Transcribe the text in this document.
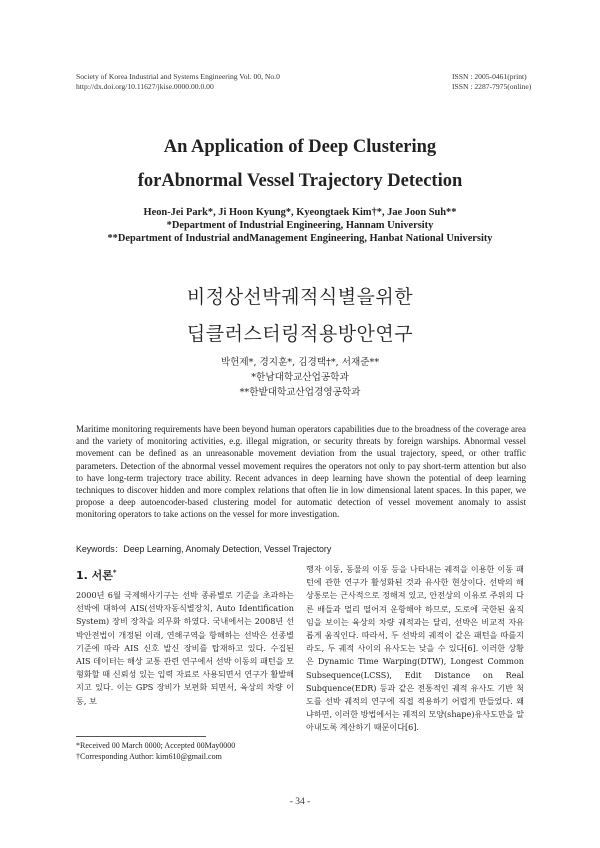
Society of Korea Industrial and Systems Engineering Vol. 00, No.0
http://dx.doi.org/10.11627/jkise.0000.00.0.00
ISSN : 2005-0461(print)
ISSN : 2287-7975(online)
An Application of Deep Clustering
forAbnormal Vessel Trajectory Detection
Heon-Jei Park*, Ji Hoon Kyung*, Kyeongtaek Kim†*, Jae Joon Suh**
*Department of Industrial Engineering, Hannam University
**Department of Industrial andManagement Engineering, Hanbat National University
비정상선박궤적식별을위한
딥클러스터링적용방안연구
박헌제*, 경지훈*, 김경택†*, 서재준**
*한남대학교산업공학과
**한밭대학교산업경영공학과
Maritime monitoring requirements have been beyond human operators capabilities due to the broadness of the coverage area and the variety of monitoring activities, e.g. illegal migration, or security threats by foreign warships. Abnormal vessel movement can be defined as an unreasonable movement deviation from the usual trajectory, speed, or other traffic parameters. Detection of the abnormal vessel movement requires the operators not only to pay short-term attention but also to have long-term trajectory trace ability. Recent advances in deep learning have shown the potential of deep learning techniques to discover hidden and more complex relations that often lie in low dimensional latent spaces. In this paper, we propose a deep autoencoder-based clustering model for automatic detection of vessel movement anomaly to assist monitoring operators to take actions on the vessel for more investigation.
Keywords：Deep Learning, Anomaly Detection, Vessel Trajectory
1. 서론*
2000년 6월 국제해사기구는 선박 종류별로 기준을 초과하는 선박에 대하여 AIS(선박자동식별장치, Auto Identification System) 장비 장착을 의무화 하였다. 국내에서는 2008년 선박안전법이 개정된 이래, 연해구역을 항해하는 선박은 선종별 기준에 따라 AIS 신호 발신 장비를 탑재하고 있다. 수집된 AIS 데이터는 해상 교통 관련 연구에서 선박 이동의 패턴을 모형화할 때 신뢰성 있는 입력 자료로 사용되면서 연구가 활발해 지고 있다. 이는 GPS 장비가 보편화 되면서, 육상의 차량 이동, 보
행자 이동, 동물의 이동 등을 나타내는 궤적을 이용한 이동 패턴에 관한 연구가 활성화된 것과 유사한 현상이다. 선박의 해상통로는 근사적으로 정해져 있고, 안전상의 이유로 주위의 다른 배들과 멀리 떨어져 운항해야 하므로, 도로에 국한된 움직임을 보이는 육상의 차량 궤적과는 달리, 선박은 비교적 자유롭게 움직인다. 따라서, 두 선박의 궤적이 같은 패턴을 따를지라도, 두 궤적 사이의 유사도는 낮을 수 있다[6]. 이러한 상황은 Dynamic Time Warping(DTW), Longest Common Subsequence(LCSS), Edit Distance on Real Subquence(EDR) 등과 같은 전통적인 궤적 유사도 기반 척도를 선박 궤적의 연구에 직접 적용하기 어렵게 만들었다. 왜냐하면, 이러한 방법에서는 궤적의 모양(shape)유사도만을 알아내도록 계산하기 때문이다[6].
*Received 00 March 0000; Accepted 00May0000
†Corresponding Author: kim610@gmail.com
- 34 -
